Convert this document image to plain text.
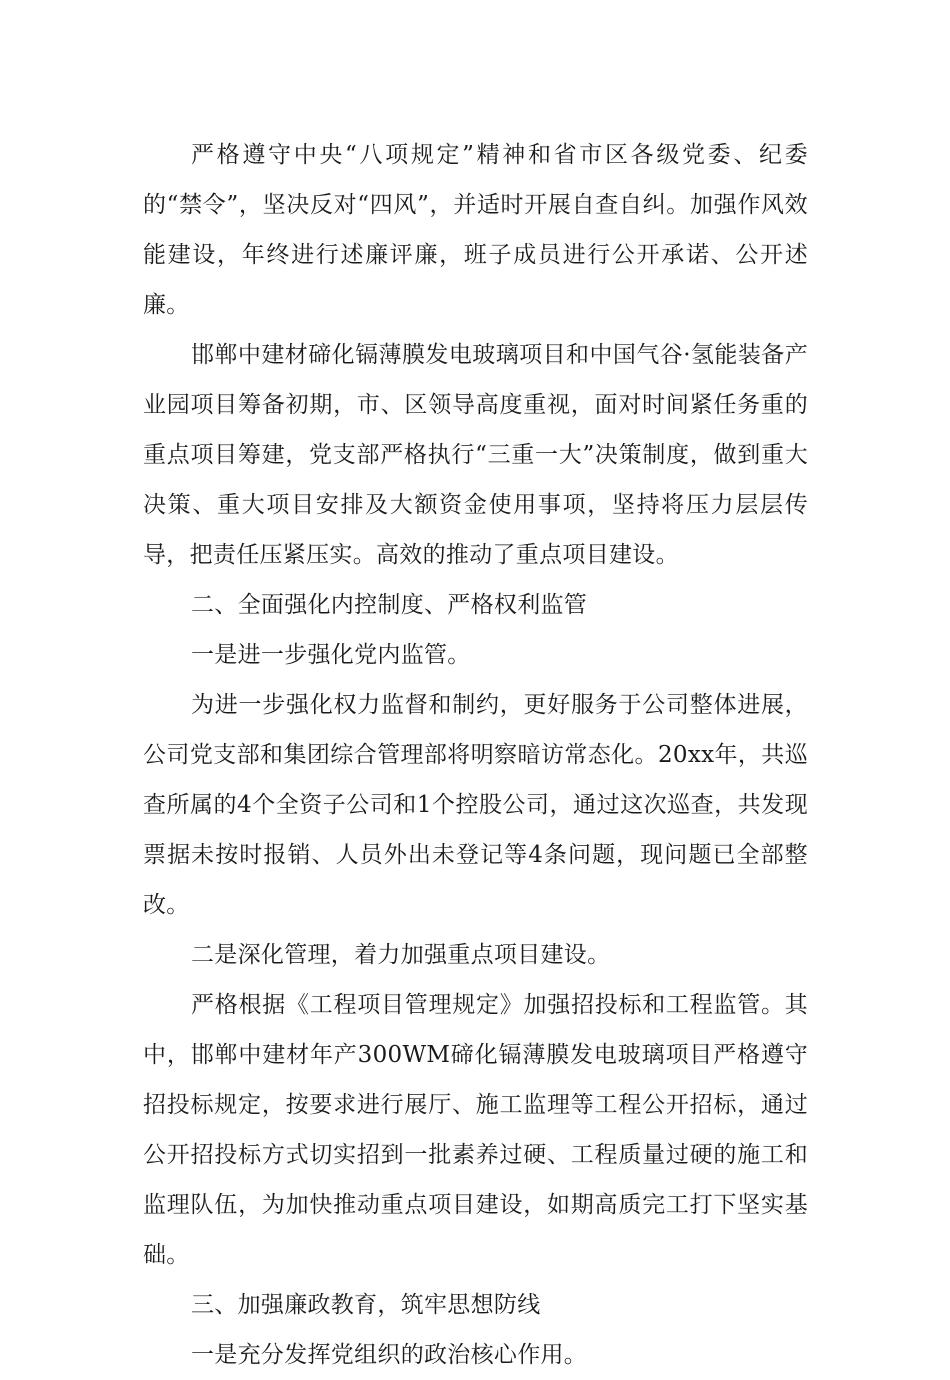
严格遵守中央“八项规定”精神和省市区各级党委、纪委的“禁令”，坚决反对“四风”，并适时开展自查自纠。加强作风效能建设，年终进行述廉评廉，班子成员进行公开承诺、公开述廉。

邯郸中建材碲化镉薄膜发电玻璃项目和中国气谷·氢能装备产业园项目筹备初期，市、区领导高度重视，面对时间紧任务重的重点项目筹建，党支部严格执行“三重一大”决策制度，做到重大决策、重大项目安排及大额资金使用事项，坚持将压力层层传导，把责任压紧压实。高效的推动了重点项目建设。

二、全面强化内控制度、严格权利监管

一是进一步强化党内监管。

为进一步强化权力监督和制约，更好服务于公司整体进展，公司党支部和集团综合管理部将明察暗访常态化。20xx年，共巡查所属的4个全资子公司和1个控股公司，通过这次巡查，共发现票据未按时报销、人员外出未登记等4条问题，现问题已全部整改。

二是深化管理，着力加强重点项目建设。

严格根据《工程项目管理规定》加强招投标和工程监管。其中，邯郸中建材年产300WM碲化镉薄膜发电玻璃项目严格遵守招投标规定，按要求进行展厅、施工监理等工程公开招标，通过公开招投标方式切实招到一批素养过硬、工程质量过硬的施工和监理队伍，为加快推动重点项目建设，如期高质完工打下坚实基础。

三、加强廉政教育，筑牢思想防线

一是充分发挥党组织的政治核心作用。
